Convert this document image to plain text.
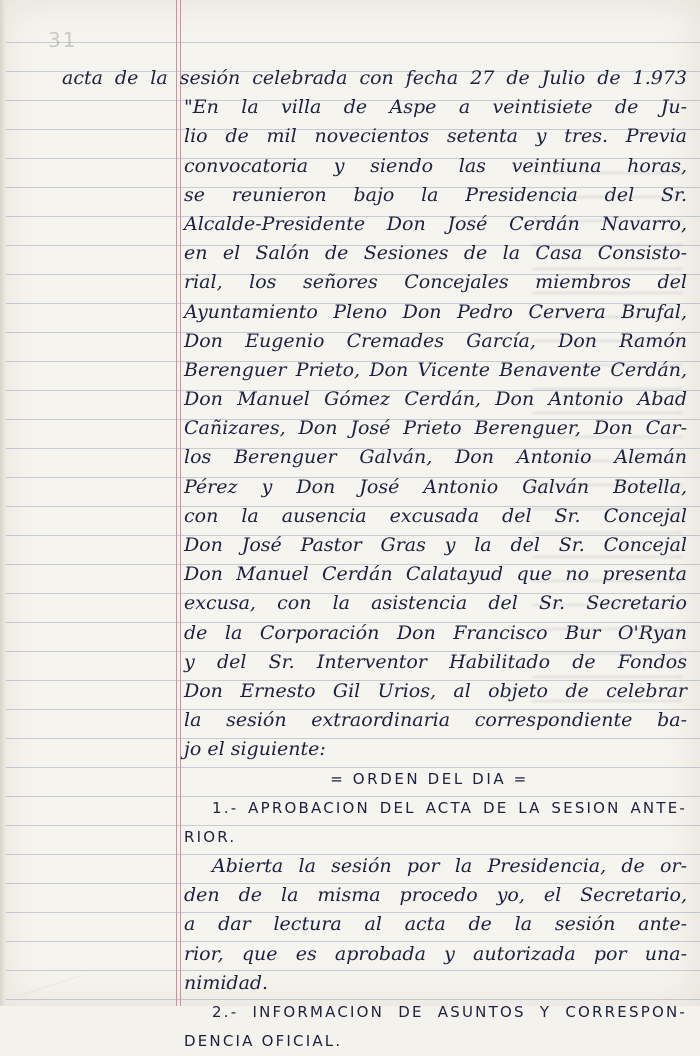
31
acta de la sesión celebrada con fecha 27 de Julio de 1.973
"En la villa de Aspe a veintisiete de Ju-
lio de mil novecientos setenta y tres. Previa
convocatoria y siendo las veintiuna horas,
se reunieron bajo la Presidencia del Sr.
Alcalde-Presidente Don José Cerdán Navarro,
en el Salón de Sesiones de la Casa Consisto-
rial, los señores Concejales miembros del
Ayuntamiento Pleno Don Pedro Cervera Brufal,
Don Eugenio Cremades García, Don Ramón
Berenguer Prieto, Don Vicente Benavente Cerdán,
Don Manuel Gómez Cerdán, Don Antonio Abad
Cañizares, Don José Prieto Berenguer, Don Car-
los Berenguer Galván, Don Antonio Alemán
Pérez y Don José Antonio Galván Botella,
con la ausencia excusada del Sr. Concejal
Don José Pastor Gras y la del Sr. Concejal
Don Manuel Cerdán Calatayud que no presenta
excusa, con la asistencia del Sr. Secretario
de la Corporación Don Francisco Bur O'Ryan
y del Sr. Interventor Habilitado de Fondos
Don Ernesto Gil Urios, al objeto de celebrar
la sesión extraordinaria correspondiente ba-
jo el siguiente:
= ORDEN DEL DIA =
1.- APROBACION DEL ACTA DE LA SESION ANTE-
RIOR.
Abierta la sesión por la Presidencia, de or-
den de la misma procedo yo, el Secretario,
a dar lectura al acta de la sesión ante-
rior, que es aprobada y autorizada por una-
nimidad.
2.- INFORMACION DE ASUNTOS Y CORRESPON-
DENCIA OFICIAL.
